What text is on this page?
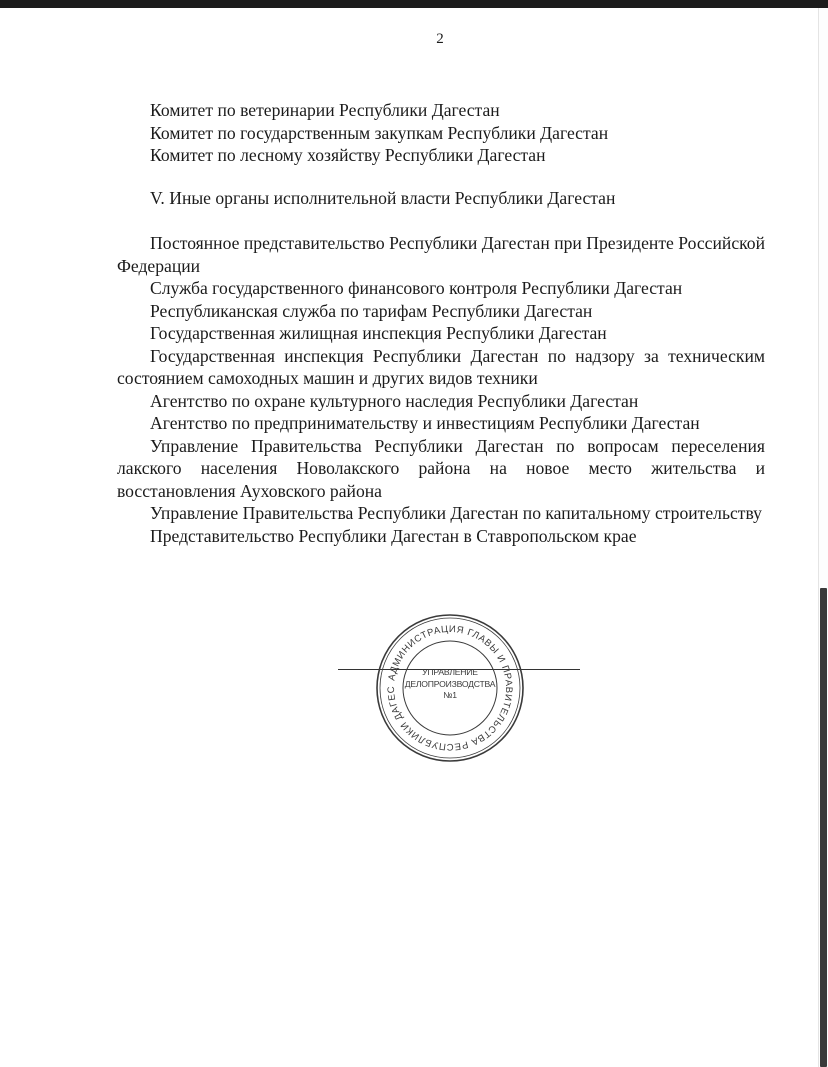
2

Комитет по ветеринарии Республики Дагестан

Комитет по государственным закупкам Республики Дагестан

Комитет по лесному хозяйству Республики Дагестан

V. Иные органы исполнительной власти Республики Дагестан

Постоянное представительство Республики Дагестан при Президенте Российской Федерации

Служба государственного финансового контроля Республики Дагестан

Республиканская служба по тарифам Республики Дагестан

Государственная жилищная инспекция Республики Дагестан

Государственная инспекция Республики Дагестан по надзору за техническим состоянием самоходных машин и других видов техники

Агентство по охране культурного наследия Республики Дагестан

Агентство по предпринимательству и инвестициям Республики Дагестан

Управление Правительства Республики Дагестан по вопросам переселения лакского населения Новолакского района на новое место жительства и восстановления Ауховского района

Управление Правительства Республики Дагестан по капитальному строительству

Представительство Республики Дагестан в Ставропольском крае

АДМИНИСТРАЦИЯ ГЛАВЫ И ПРАВИТЕЛЬСТВА РЕСПУБЛИКИ ДАГЕС
УПРАВЛЕНИЕ
ДЕЛОПРОИЗВОДСТВА
№1
